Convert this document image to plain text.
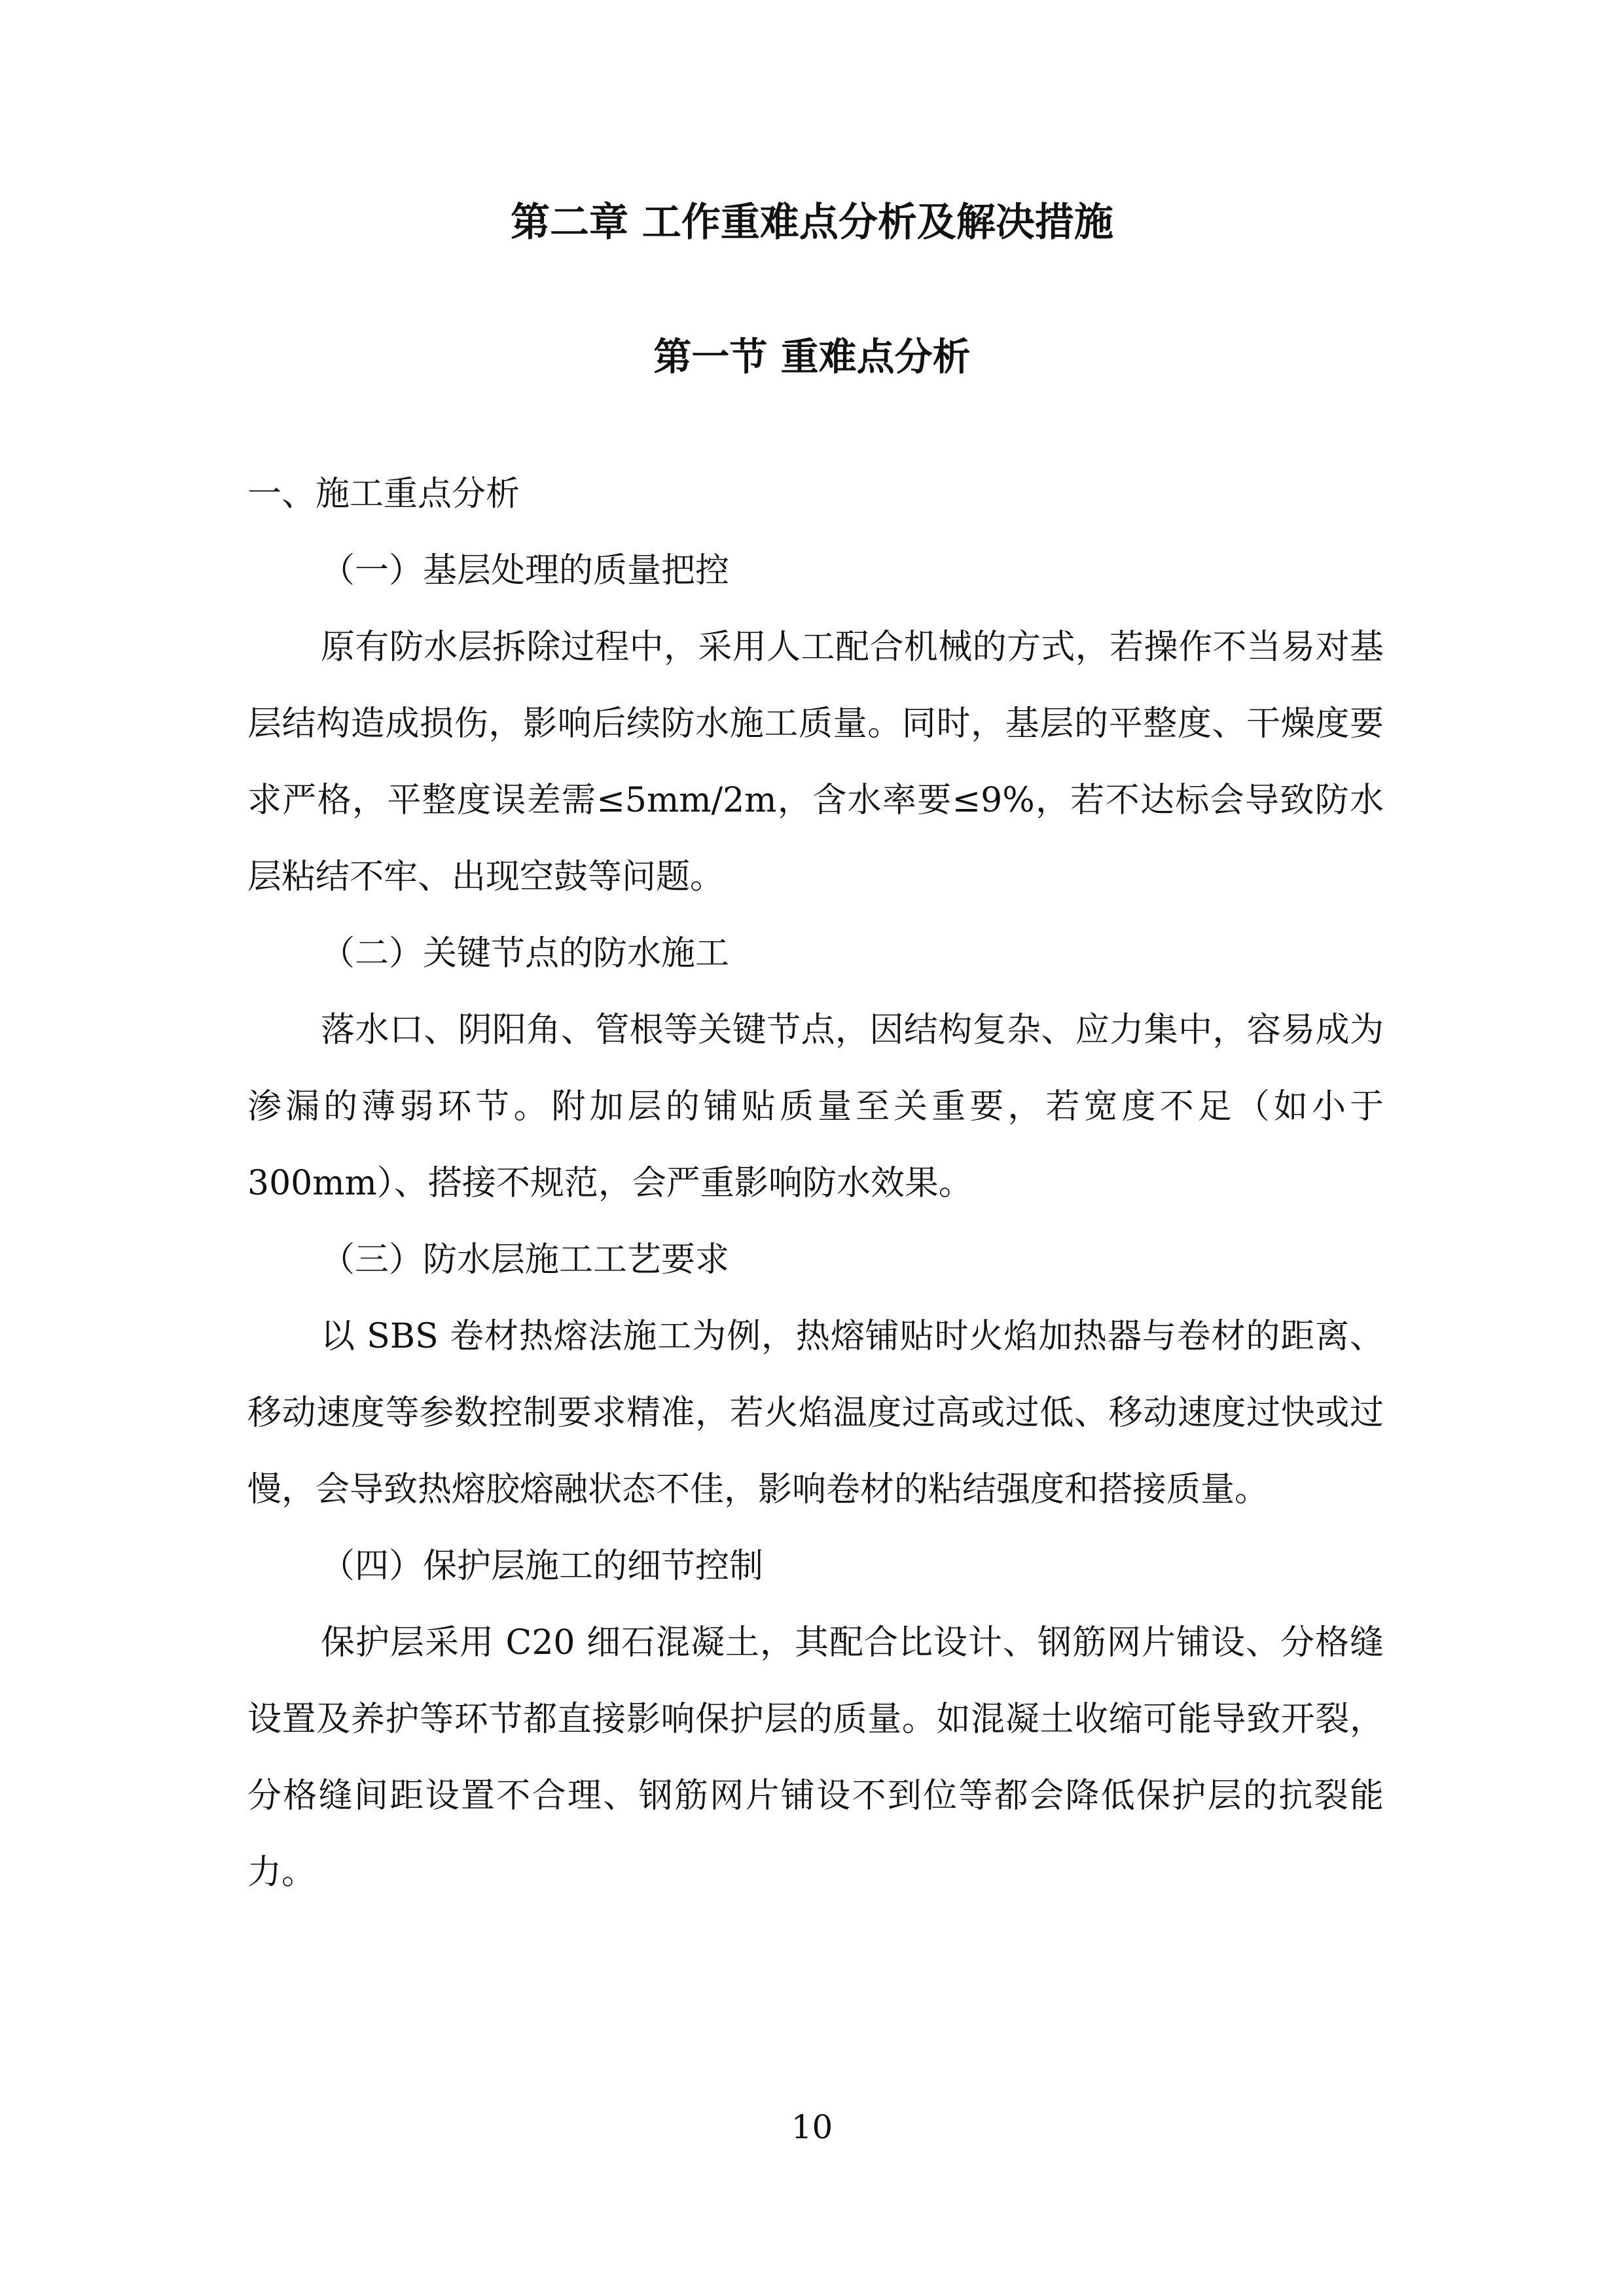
第二章 工作重难点分析及解决措施
第一节 重难点分析

一、施工重点分析

（一）基层处理的质量把控

原有防水层拆除过程中，采用人工配合机械的方式，若操作不当易对基层结构造成损伤，影响后续防水施工质量。同时，基层的平整度、干燥度要求严格，平整度误差需≤5mm/2m，含水率要≤9%，若不达标会导致防水层粘结不牢、出现空鼓等问题。

（二）关键节点的防水施工

落水口、阴阳角、管根等关键节点，因结构复杂、应力集中，容易成为渗漏的薄弱环节。附加层的铺贴质量至关重要，若宽度不足（如小于 300mm）、搭接不规范，会严重影响防水效果。

（三）防水层施工工艺要求

以 SBS 卷材热熔法施工为例，热熔铺贴时火焰加热器与卷材的距离、移动速度等参数控制要求精准，若火焰温度过高或过低、移动速度过快或过慢，会导致热熔胶熔融状态不佳，影响卷材的粘结强度和搭接质量。

（四）保护层施工的细节控制

保护层采用 C20 细石混凝土，其配合比设计、钢筋网片铺设、分格缝设置及养护等环节都直接影响保护层的质量。如混凝土收缩可能导致开裂，分格缝间距设置不合理、钢筋网片铺设不到位等都会降低保护层的抗裂能力。

10
